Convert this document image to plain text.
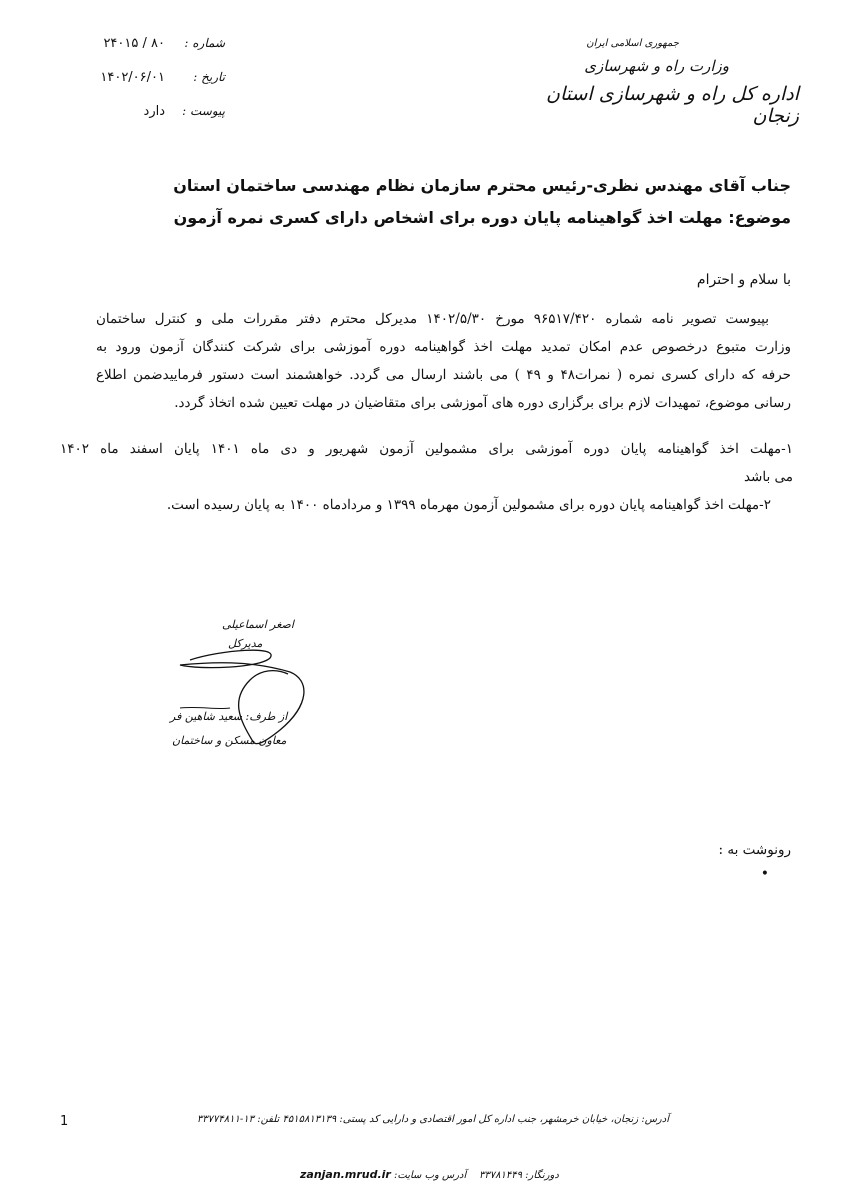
شماره :
۸۰ / ۲۴۰۱۵
تاریخ :
۱۴۰۲/۰۶/۰۱
پیوست :
دارد
جمهوری اسلامی ایران
وزارت راه و شهرسازی
اداره کل راه و شهرسازی استان زنجان
جناب آقای مهندس نظری-رئیس محترم سازمان نظام مهندسی ساختمان استان
موضوع: مهلت اخذ گواهینامه پایان دوره برای اشخاص دارای کسری نمره آزمون
با سلام و احترام
بپیوست تصویر نامه شماره ۹۶۵۱۷/۴۲۰ مورخ ۱۴۰۲/۵/۳۰ مدیرکل محترم دفتر مقررات ملی و کنترل ساختمان
وزارت متبوع درخصوص عدم امکان تمدید مهلت اخذ گواهینامه دوره آموزشی برای شرکت کنندگان آزمون ورود به
حرفه که دارای کسری نمره ( نمرات۴۸ و ۴۹ ) می باشند ارسال می گردد. خواهشمند است دستور فرماییدضمن اطلاع
رسانی موضوع، تمهیدات لازم برای برگزاری دوره های آموزشی برای متقاضیان در مهلت تعیین شده اتخاذ گردد.
۱-مهلت اخذ گواهینامه پایان دوره آموزشی برای مشمولین آزمون شهریور و دی ماه ۱۴۰۱ پایان اسفند ماه ۱۴۰۲
می باشد
۲-مهلت اخذ گواهینامه پایان دوره برای مشمولین آزمون مهرماه ۱۳۹۹ و مردادماه ۱۴۰۰ به پایان رسیده است.
اصغر اسماعیلی
مدیرکل
از طرف: سعید شاهین فر
معاون مسکن و ساختمان
رونوشت به :
•
1	آدرس: زنجان، خیابان خرمشهر، جنب اداره کل امور اقتصادی و دارایی کد پستی: ۴۵۱۵۸۱۳۱۳۹ تلفن: ۱۳-۳۳۷۷۴۸۱۱
دورنگار: ۳۳۷۸۱۴۴۹    آدرس وب سایت: zanjan.mrud.ir
